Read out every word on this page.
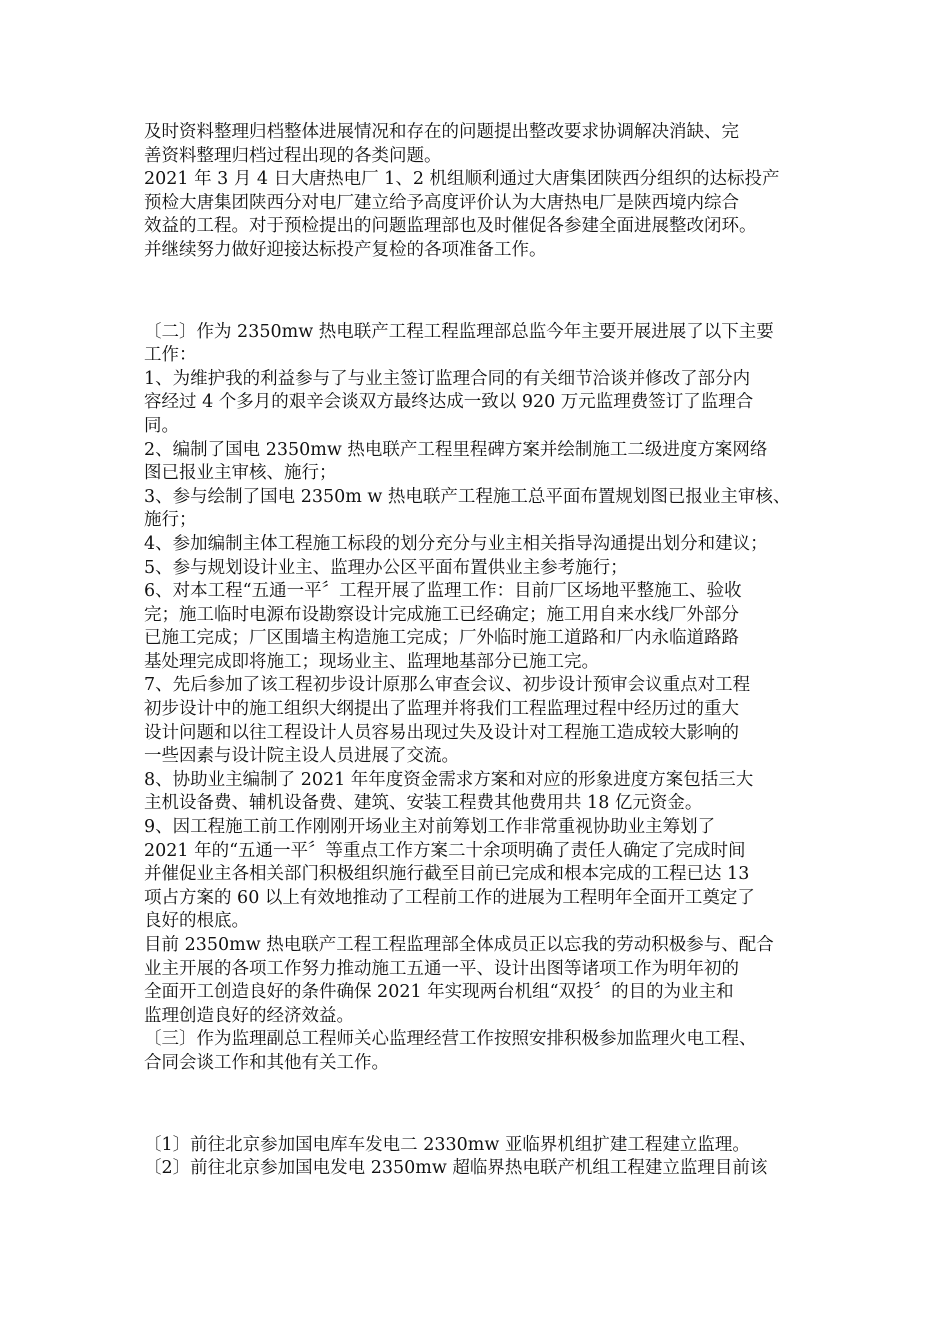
及时资料整理归档整体进展情况和存在的问题提出整改要求协调解决消缺、完
善资料整理归档过程出现的各类问题。
2021 年 3 月 4 日大唐热电厂 1、2 机组顺利通过大唐集团陕西分组织的达标投产
预检大唐集团陕西分对电厂建立给予高度评价认为大唐热电厂是陕西境内综合
效益的工程。对于预检提出的问题监理部也及时催促各参建全面进展整改闭环。
并继续努力做好迎接达标投产复检的各项准备工作。
〔二〕作为 2350mw 热电联产工程工程监理部总监今年主要开展进展了以下主要
工作：
1、为维护我的利益参与了与业主签订监理合同的有关细节洽谈并修改了部分内
容经过 4 个多月的艰辛会谈双方最终达成一致以 920 万元监理费签订了监理合
同。
2、编制了国电 2350mw 热电联产工程里程碑方案并绘制施工二级进度方案网络
图已报业主审核、施行；
3、参与绘制了国电 2350m w 热电联产工程施工总平面布置规划图已报业主审核、
施行；
4、参加编制主体工程施工标段的划分充分与业主相关指导沟通提出划分和建议；
5、参与规划设计业主、监理办公区平面布置供业主参考施行；
6、对本工程“五通一平〞工程开展了监理工作：目前厂区场地平整施工、验收
完；施工临时电源布设勘察设计完成施工已经确定；施工用自来水线厂外部分
已施工完成；厂区围墙主构造施工完成；厂外临时施工道路和厂内永临道路路
基处理完成即将施工；现场业主、监理地基部分已施工完。
7、先后参加了该工程初步设计原那么审查会议、初步设计预审会议重点对工程
初步设计中的施工组织大纲提出了监理并将我们工程监理过程中经历过的重大
设计问题和以往工程设计人员容易出现过失及设计对工程施工造成较大影响的
一些因素与设计院主设人员进展了交流。
8、协助业主编制了 2021 年年度资金需求方案和对应的形象进度方案包括三大
主机设备费、辅机设备费、建筑、安装工程费其他费用共 18 亿元资金。
9、因工程施工前工作刚刚开场业主对前筹划工作非常重视协助业主筹划了
2021 年的“五通一平〞等重点工作方案二十余项明确了责任人确定了完成时间
并催促业主各相关部门积极组织施行截至目前已完成和根本完成的工程已达 13
项占方案的 60 以上有效地推动了工程前工作的进展为工程明年全面开工奠定了
良好的根底。
目前 2350mw 热电联产工程工程监理部全体成员正以忘我的劳动积极参与、配合
业主开展的各项工作努力推动施工五通一平、设计出图等诸项工作为明年初的
全面开工创造良好的条件确保 2021 年实现两台机组“双投〞的目的为业主和
监理创造良好的经济效益。
〔三〕作为监理副总工程师关心监理经营工作按照安排积极参加监理火电工程、
合同会谈工作和其他有关工作。
〔1〕前往北京参加国电库车发电二 2330mw 亚临界机组扩建工程建立监理。
〔2〕前往北京参加国电发电 2350mw 超临界热电联产机组工程建立监理目前该
